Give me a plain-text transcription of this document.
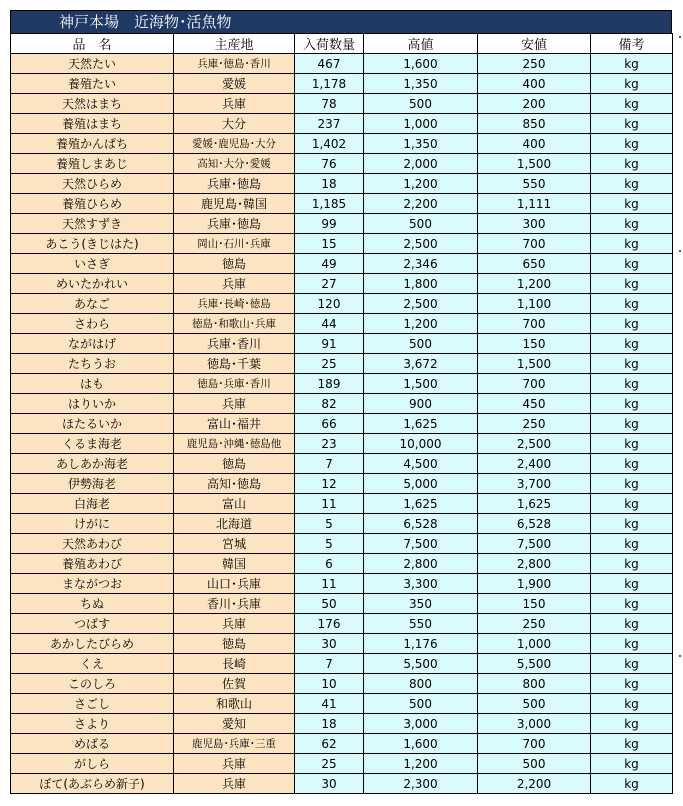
神戸本場　近海物･活魚物
品　名	主産地	入荷数量	高値	安値	備考
天然たい	兵庫･徳島･香川	467	1,600	250	kg
養殖たい	愛媛	1,178	1,350	400	kg
天然はまち	兵庫	78	500	200	kg
養殖はまち	大分	237	1,000	850	kg
養殖かんぱち	愛媛･鹿児島･大分	1,402	1,350	400	kg
養殖しまあじ	高知･大分･愛媛	76	2,000	1,500	kg
天然ひらめ	兵庫･徳島	18	1,200	550	kg
養殖ひらめ	鹿児島･韓国	1,185	2,200	1,111	kg
天然すずき	兵庫･徳島	99	500	300	kg
あこう(きじはた)	岡山･石川･兵庫	15	2,500	700	kg
いさぎ	徳島	49	2,346	650	kg
めいたかれい	兵庫	27	1,800	1,200	kg
あなご	兵庫･長崎･徳島	120	2,500	1,100	kg
さわら	徳島･和歌山･兵庫	44	1,200	700	kg
ながはげ	兵庫･香川	91	500	150	kg
たちうお	徳島･千葉	25	3,672	1,500	kg
はも	徳島･兵庫･香川	189	1,500	700	kg
はりいか	兵庫	82	900	450	kg
ほたるいか	富山･福井	66	1,625	250	kg
くるま海老	鹿児島･沖縄･徳島他	23	10,000	2,500	kg
あしあか海老	徳島	7	4,500	2,400	kg
伊勢海老	高知･徳島	12	5,000	3,700	kg
白海老	富山	11	1,625	1,625	kg
けがに	北海道	5	6,528	6,528	kg
天然あわび	宮城	5	7,500	7,500	kg
養殖あわび	韓国	6	2,800	2,800	kg
まながつお	山口･兵庫	11	3,300	1,900	kg
ちぬ	香川･兵庫	50	350	150	kg
つばす	兵庫	176	550	250	kg
あかしたびらめ	徳島	30	1,176	1,000	kg
くえ	長崎	7	5,500	5,500	kg
このしろ	佐賀	10	800	800	kg
さごし	和歌山	41	500	500	kg
さより	愛知	18	3,000	3,000	kg
めばる	鹿児島･兵庫･三重	62	1,600	700	kg
がしら	兵庫	25	1,200	500	kg
ぼて(あぶらめ新子)	兵庫	30	2,300	2,200	kg
